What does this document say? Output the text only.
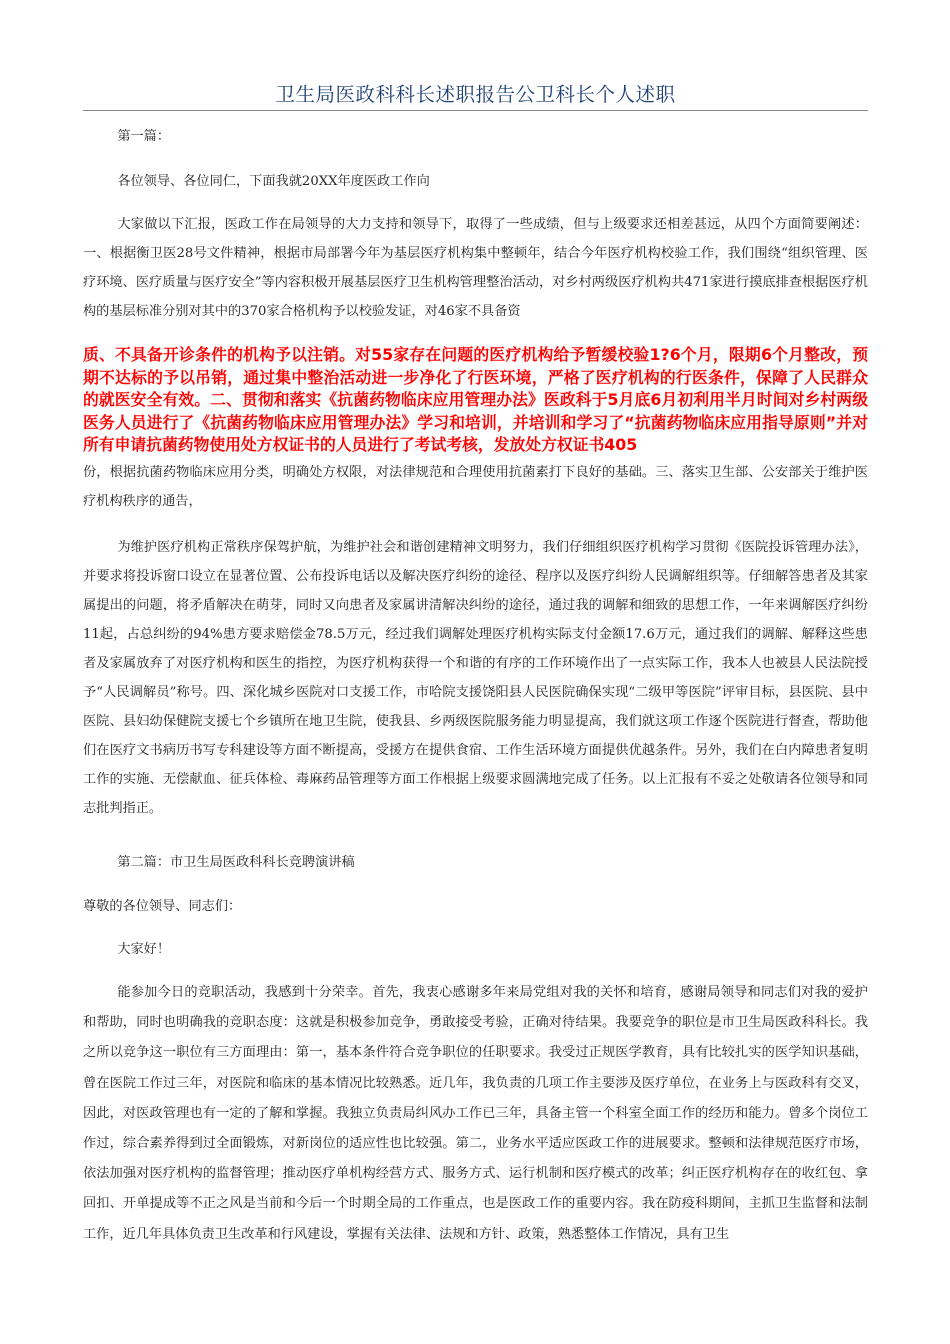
卫生局医政科科长述职报告公卫科长个人述职
第一篇：
各位领导、各位同仁，下面我就20XX年度医政工作向
大家做以下汇报，医政工作在局领导的大力支持和领导下，取得了一些成绩，但与上级要求还相差甚远，从四个方面简要阐述：一、根据衡卫医28号文件精神，根据市局部署今年为基层医疗机构集中整顿年，结合今年医疗机构校验工作，我们围绕“组织管理、医疗环境、医疗质量与医疗安全”等内容积极开展基层医疗卫生机构管理整治活动，对乡村两级医疗机构共471家进行摸底排查根据医疗机构的基层标准分别对其中的370家合格机构予以校验发证，对46家不具备资
质、不具备开诊条件的机构予以注销。对55家存在问题的医疗机构给予暂缓校验1?6个月，限期6个月整改，预期不达标的予以吊销，通过集中整治活动进一步净化了行医环境，严格了医疗机构的行医条件，保障了人民群众的就医安全有效。二、贯彻和落实《抗菌药物临床应用管理办法》医政科于5月底6月初利用半月时间对乡村两级医务人员进行了《抗菌药物临床应用管理办法》学习和培训，并培训和学习了“抗菌药物临床应用指导原则”并对所有申请抗菌药物使用处方权证书的人员进行了考试考核，发放处方权证书405
份，根据抗菌药物临床应用分类，明确处方权限，对法律规范和合理使用抗菌素打下良好的基础。三、落实卫生部、公安部关于维护医疗机构秩序的通告，
为维护医疗机构正常秩序保驾护航，为维护社会和谐创建精神文明努力，我们仔细组织医疗机构学习贯彻《医院投诉管理办法》，并要求将投诉窗口设立在显著位置、公布投诉电话以及解决医疗纠纷的途径、程序以及医疗纠纷人民调解组织等。仔细解答患者及其家属提出的问题，将矛盾解决在萌芽，同时又向患者及家属讲清解决纠纷的途径，通过我的调解和细致的思想工作，一年来调解医疗纠纷11起，占总纠纷的94%患方要求赔偿金78.5万元，经过我们调解处理医疗机构实际支付金额17.6万元，通过我们的调解、解释这些患者及家属放弃了对医疗机构和医生的指控，为医疗机构获得一个和谐的有序的工作环境作出了一点实际工作，我本人也被县人民法院授予“人民调解员”称号。四、深化城乡医院对口支援工作，市哈院支援饶阳县人民医院确保实现“二级甲等医院”评审目标，县医院、县中医院、县妇幼保健院支援七个乡镇所在地卫生院，使我县、乡两级医院服务能力明显提高，我们就这项工作逐个医院进行督查，帮助他们在医疗文书病历书写专科建设等方面不断提高，受援方在提供食宿、工作生活环境方面提供优越条件。另外，我们在白内障患者复明工作的实施、无偿献血、征兵体检、毒麻药品管理等方面工作根据上级要求圆满地完成了任务。以上汇报有不妥之处敬请各位领导和同志批判指正。
第二篇：市卫生局医政科科长竞聘演讲稿
尊敬的各位领导、同志们：
大家好！
能参加今日的竞职活动，我感到十分荣幸。首先，我衷心感谢多年来局党组对我的关怀和培育，感谢局领导和同志们对我的爱护和帮助，同时也明确我的竞职态度：这就是积极参加竞争，勇敢接受考验，正确对待结果。我要竞争的职位是市卫生局医政科科长。我之所以竞争这一职位有三方面理由：第一，基本条件符合竞争职位的任职要求。我受过正规医学教育，具有比较扎实的医学知识基础，曾在医院工作过三年，对医院和临床的基本情况比较熟悉。近几年，我负责的几项工作主要涉及医疗单位，在业务上与医政科有交叉，因此，对医政管理也有一定的了解和掌握。我独立负责局纠风办工作已三年，具备主管一个科室全面工作的经历和能力。曾多个岗位工作过，综合素养得到过全面锻炼，对新岗位的适应性也比较强。第二，业务水平适应医政工作的进展要求。整顿和法律规范医疗市场，依法加强对医疗机构的监督管理；推动医疗单机构经营方式、服务方式、运行机制和医疗模式的改革；纠正医疗机构存在的收红包、拿回扣、开单提成等不正之风是当前和今后一个时期全局的工作重点，也是医政工作的重要内容。我在防疫科期间，主抓卫生监督和法制工作，近几年具体负责卫生改革和行风建设，掌握有关法律、法规和方针、政策，熟悉整体工作情况，具有卫生
